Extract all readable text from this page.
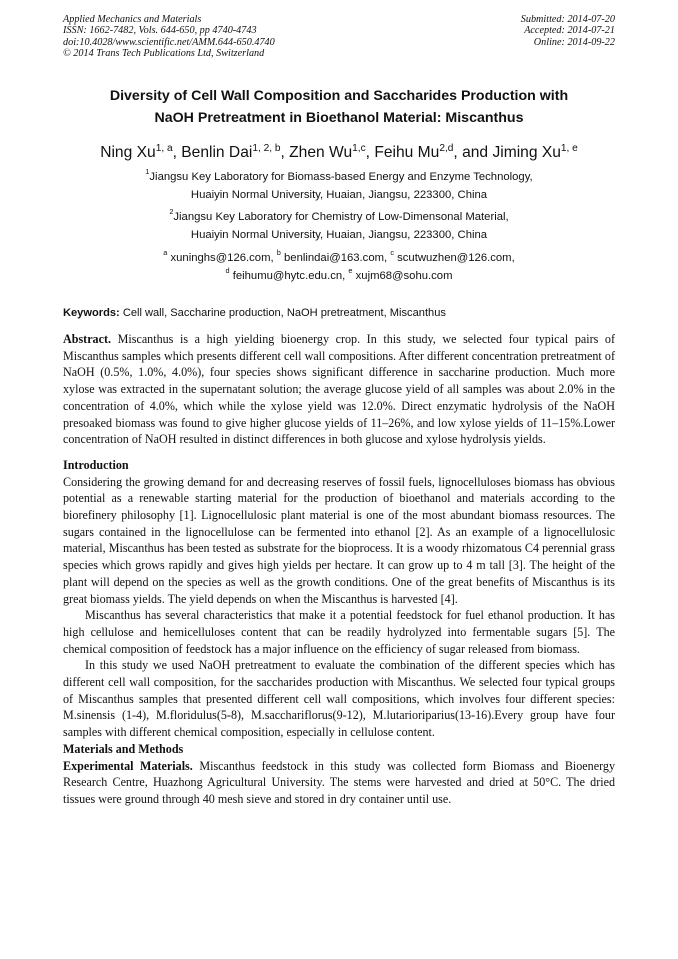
Applied Mechanics and Materials
ISSN: 1662-7482, Vols. 644-650, pp 4740-4743
doi:10.4028/www.scientific.net/AMM.644-650.4740
© 2014 Trans Tech Publications Ltd, Switzerland
Submitted: 2014-07-20
Accepted: 2014-07-21
Online: 2014-09-22
Diversity of Cell Wall Composition and Saccharides Production with
NaOH Pretreatment in Bioethanol Material: Miscanthus
Ning Xu$^{1, a}$, Benlin Dai$^{1, 2, b}$, Zhen Wu$^{1,c}$, Feihu Mu$^{2,d}$, and Jiming Xu$^{1, e}$
$^1$Jiangsu Key Laboratory for Biomass-based Energy and Enzyme Technology,
Huaiyin Normal University, Huaian, Jiangsu, 223300, China
$^2$Jiangsu Key Laboratory for Chemistry of Low-Dimensonal Material,
Huaiyin Normal University, Huaian, Jiangsu, 223300, China
$^a$ xuninghs@126.com, $^b$ benlindai@163.com, $^c$ scutwuzhen@126.com,
$^d$ feihumu@hytc.edu.cn, $^e$ xujm68@sohu.com
Keywords: Cell wall, Saccharine production, NaOH pretreatment, Miscanthus

Abstract. Miscanthus is a high yielding bioenergy crop. In this study, we selected four typical pairs of Miscanthus samples which presents different cell wall compositions. After different concentration pretreatment of NaOH (0.5%, 1.0%, 4.0%), four species shows significant difference in saccharine production. Much more xylose was extracted in the supernatant solution; the average glucose yield of all samples was about 2.0% in the concentration of 4.0%, which while the xylose yield was 12.0%. Direct enzymatic hydrolysis of the NaOH presoaked biomass was found to give higher glucose yields of 11–26%, and low xylose yields of 11–15%.Lower concentration of NaOH resulted in distinct differences in both glucose and xylose hydrolysis yields.

Introduction

Considering the growing demand for and decreasing reserves of fossil fuels, lignocelluloses biomass has obvious potential as a renewable starting material for the production of bioethanol and materials according to the biorefinery philosophy [1]. Lignocellulosic plant material is one of the most abundant biomass resources. The sugars contained in the lignocellulose can be fermented into ethanol [2]. As an example of a lignocellulosic material, Miscanthus has been tested as substrate for the bioprocess. It is a woody rhizomatous C4 perennial grass species which grows rapidly and gives high yields per hectare. It can grow up to 4 m tall [3]. The height of the plant will depend on the species as well as the growth conditions. One of the great benefits of Miscanthus is its great biomass yields. The yield depends on when the Miscanthus is harvested [4].

Miscanthus has several characteristics that make it a potential feedstock for fuel ethanol production. It has high cellulose and hemicelluloses content that can be readily hydrolyzed into fermentable sugars [5]. The chemical composition of feedstock has a major influence on the efficiency of sugar released from biomass.

In this study we used NaOH pretreatment to evaluate the combination of the different species which has different cell wall composition, for the saccharides production with Miscanthus. We selected four typical groups of Miscanthus samples that presented different cell wall compositions, which involves four different species: M.sinensis (1-4), M.floridulus(5-8), M.sacchariflorus(9-12), M.lutarioriparius(13-16).Every group have four samples with different chemical composition, especially in cellulose content.

Materials and Methods

Experimental Materials. Miscanthus feedstock in this study was collected form Biomass and Bioenergy Research Centre, Huazhong Agricultural University. The stems were harvested and dried at 50°C. The dried tissues were ground through 40 mesh sieve and stored in dry container until use.
